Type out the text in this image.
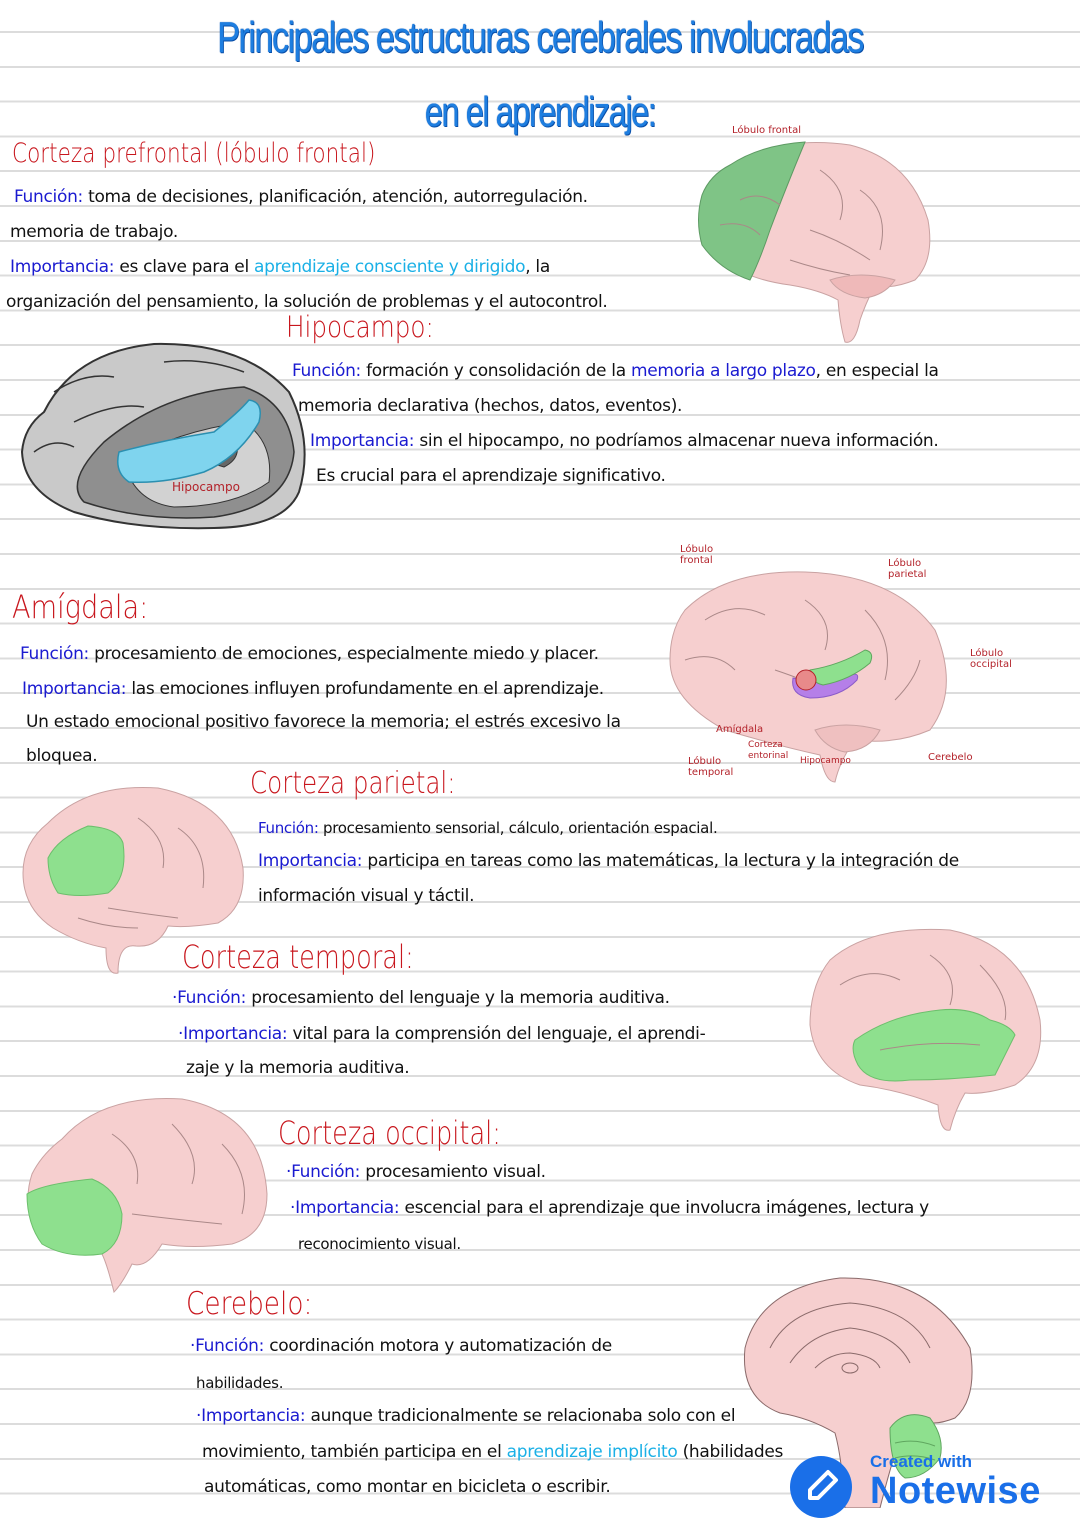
Principales estructuras cerebrales involucradas
en el aprendizaje:
Corteza prefrontal (lóbulo frontal)
Función: toma de decisiones, planificación, atención, autorregulación.
memoria de trabajo.
Importancia: es clave para el aprendizaje consciente y dirigido, la
organización del pensamiento, la solución de problemas y el autocontrol.
Lóbulo frontal
Hipocampo:
Función: formación y consolidación de la memoria a largo plazo, en especial la
memoria declarativa (hechos, datos, eventos).
Importancia: sin el hipocampo, no podríamos almacenar nueva información.
Es crucial para el aprendizaje significativo.
Hipocampo
Amígdala:
Función: procesamiento de emociones, especialmente miedo y placer.
Importancia: las emociones influyen profundamente en el aprendizaje.
Un estado emocional positivo favorece la memoria; el estrés excesivo la
bloquea.
Lóbulo frontal	Lóbulo parietal
Lóbulo occipital
Amígdala
Corteza entorinal	Hipocampo
Lóbulo temporal
Cerebelo
Corteza parietal:
Función: procesamiento sensorial, cálculo, orientación espacial.
Importancia: participa en tareas como las matemáticas, la lectura y la integración de
información visual y táctil.
Corteza temporal:
·Función: procesamiento del lenguaje y la memoria auditiva.
·Importancia: vital para la comprensión del lenguaje, el aprendi-
zaje y la memoria auditiva.
Corteza occipital:
·Función: procesamiento visual.
·Importancia: escencial para el aprendizaje que involucra imágenes, lectura y
reconocimiento visual.
Cerebelo:
·Función: coordinación motora y automatización de
habilidades.
·Importancia: aunque tradicionalmente se relacionaba solo con el
movimiento, también participa en el aprendizaje implícito (habilidades
automáticas, como montar en bicicleta o escribir.
Created with
Notewise
